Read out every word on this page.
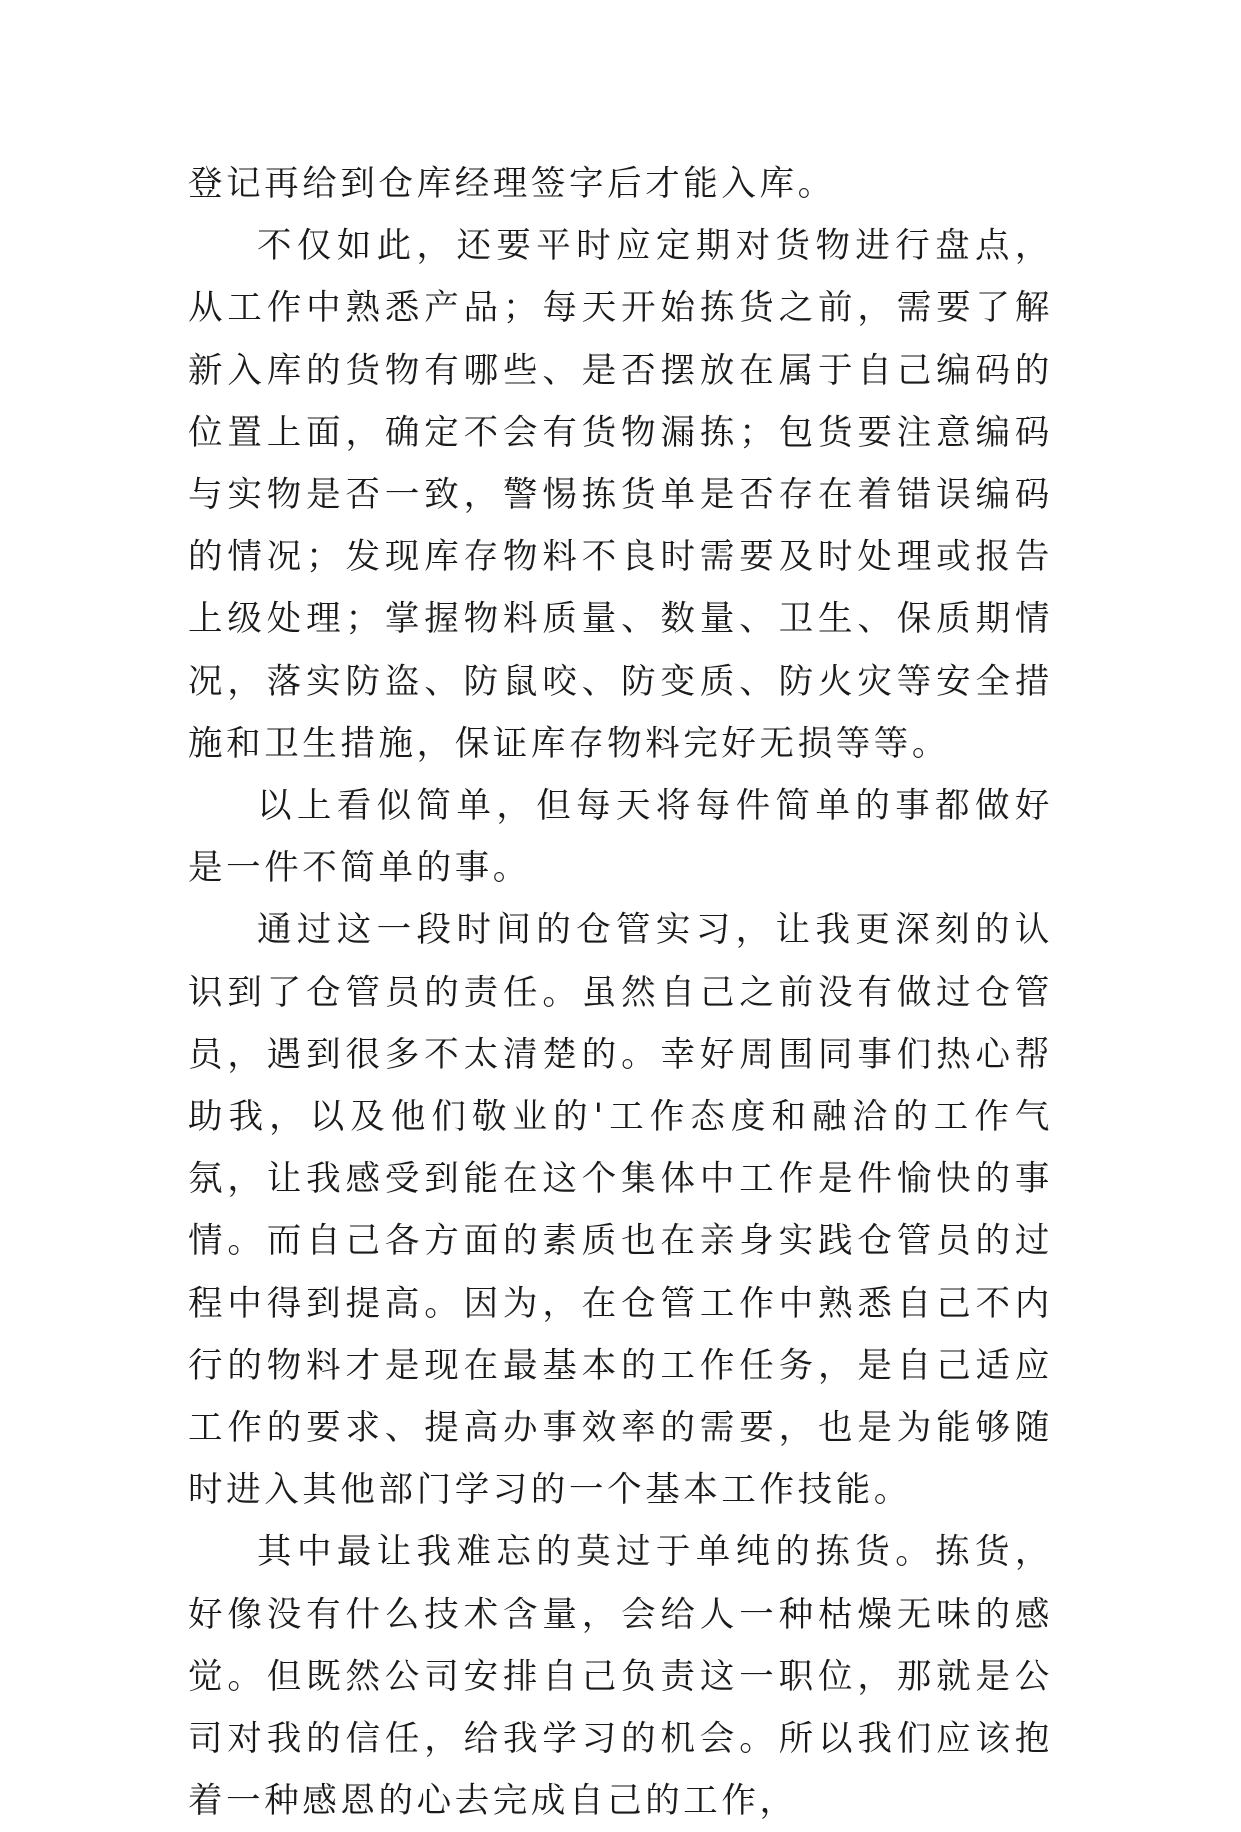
登记再给到仓库经理签字后才能入库。

不仅如此，还要平时应定期对货物进行盘点，从工作中熟悉产品；每天开始拣货之前，需要了解新入库的货物有哪些、是否摆放在属于自己编码的位置上面，确定不会有货物漏拣；包货要注意编码与实物是否一致，警惕拣货单是否存在着错误编码的情况；发现库存物料不良时需要及时处理或报告上级处理；掌握物料质量、数量、卫生、保质期情况，落实防盗、防鼠咬、防变质、防火灾等安全措施和卫生措施，保证库存物料完好无损等等。

以上看似简单，但每天将每件简单的事都做好是一件不简单的事。

通过这一段时间的仓管实习，让我更深刻的认识到了仓管员的责任。虽然自己之前没有做过仓管员，遇到很多不太清楚的。幸好周围同事们热心帮助我，以及他们敬业的'工作态度和融洽的工作气氛，让我感受到能在这个集体中工作是件愉快的事情。而自己各方面的素质也在亲身实践仓管员的过程中得到提高。因为，在仓管工作中熟悉自己不内行的物料才是现在最基本的工作任务，是自己适应工作的要求、提高办事效率的需要，也是为能够随时进入其他部门学习的一个基本工作技能。

其中最让我难忘的莫过于单纯的拣货。拣货，好像没有什么技术含量，会给人一种枯燥无味的感觉。但既然公司安排自己负责这一职位，那就是公司对我的信任，给我学习的机会。所以我们应该抱着一种感恩的心去完成自己的工作，
